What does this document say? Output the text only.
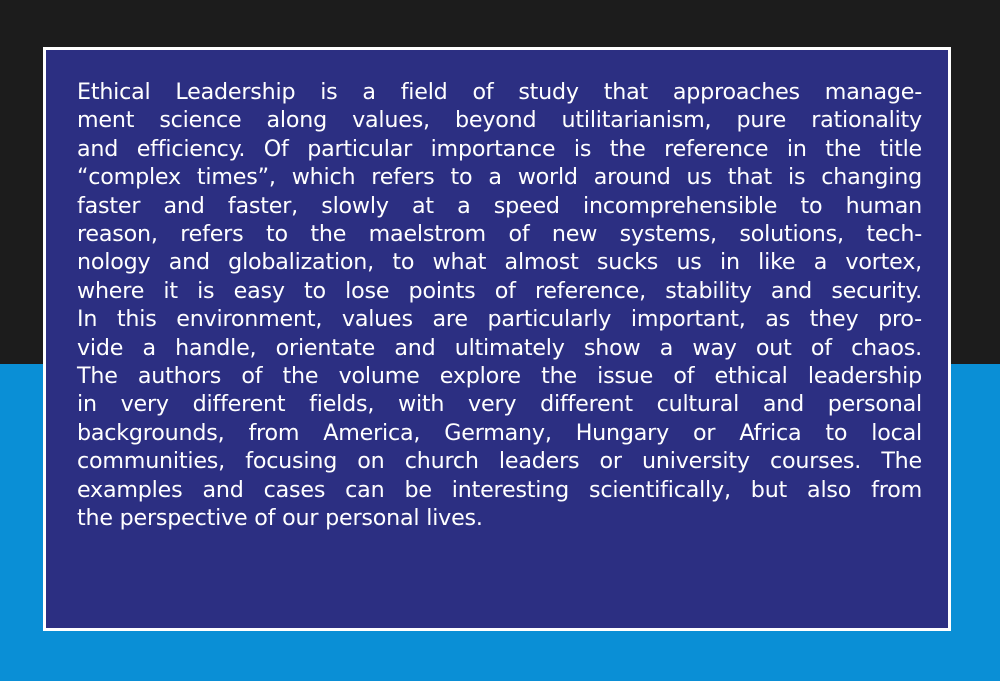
Ethical Leadership is a field of study that approaches manage-
ment science along values, beyond utilitarianism, pure rationality
and efficiency. Of particular importance is the reference in the title
“complex times”, which refers to a world around us that is changing
faster and faster, slowly at a speed incomprehensible to human
reason, refers to the maelstrom of new systems, solutions, tech-
nology and globalization, to what almost sucks us in like a vortex,
where it is easy to lose points of reference, stability and security.
In this environment, values are particularly important, as they pro-
vide a handle, orientate and ultimately show a way out of chaos.
The authors of the volume explore the issue of ethical leadership
in very different fields, with very different cultural and personal
backgrounds, from America, Germany, Hungary or Africa to local
communities, focusing on church leaders or university courses. The
examples and cases can be interesting scientifically, but also from
the perspective of our personal lives.
